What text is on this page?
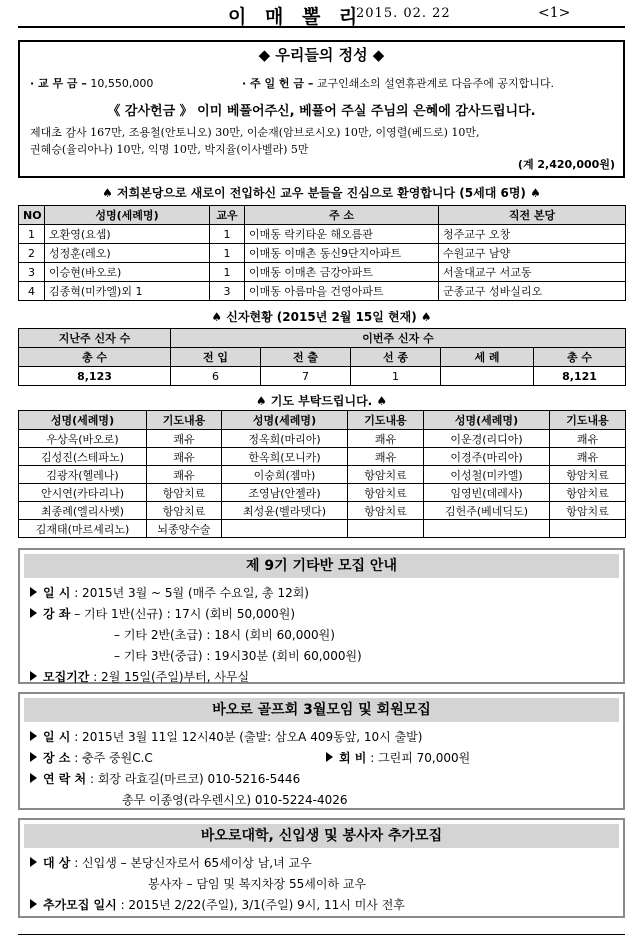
이 매 뽈 리
2015. 02. 22	<1>
◆ 우리들의 정성 ◆
· 교 무 금 – 10,550,000	· 주 일 헌 금 – 교구인쇄소의 설연휴관계로 다음주에 공지합니다.
《 감사헌금 》 이미 베풀어주신, 베풀어 주실 주님의 은혜에 감사드립니다.
제대초 감사 167만, 조용철(안토니오) 30만, 이순재(암브로시오) 10만, 이영렬(베드로) 10만,
권혜승(율리아나) 10만, 익명 10만, 박지율(이사벨라) 5만
(계 2,420,000원)
♠ 저희본당으로 새로이 전입하신 교우 분들을 진심으로 환영합니다 (5세대 6명) ♠
NO	성명(세례명)	교우	주 소	직전 본당
1	오환영(요셉)	1	이매동 락키타운 해오름관	청주교구 오창
2	성정훈(레오)	1	이매동 이매촌 동신9단지아파트	수원교구 남양
3	이승현(바오로)	1	이매동 이매촌 금강아파트	서울대교구 서교동
4	김종혁(미카엘)외 1	3	이매동 아름마을 건영아파트	군종교구 성바실리오
♠ 신자현황 (2015년 2월 15일 현재) ♠
지난주 신자 수	이번주 신자 수				
총 수	전 입	전 출	선 종	세 례	총 수
8,123	6	7	1		8,121
♠ 기도 부탁드립니다. ♠
성명(세례명)	기도내용	성명(세례명)	기도내용	성명(세례명)	기도내용
우상옥(바오로)	쾌유	정옥희(마리아)	쾌유	이운경(리디아)	쾌유
김성진(스테파노)	쾌유	한옥희(모니카)	쾌유	이경주(마리아)	쾌유
김광자(헬레나)	쾌유	이숭희(젬마)	항암치료	이성철(미카엘)	항암치료
안시연(카타리나)	항암치료	조영남(안젤라)	항암치료	임영빈(데레사)	항암치료
최종례(엘리사벳)	항암치료	최성윤(벨라뎃다)	항암치료	김헌주(베네딕도)	항암치료
김재태(마르셰리노)	뇌종양수술				
제 9기 기타반 모집 안내
일 시 : 2015년 3월 ~ 5월 (매주 수요일, 총 12회)
강 좌 – 기타 1반(신규) : 17시 (회비 50,000원)
– 기타 2반(초급) : 18시 (회비 60,000원)
– 기타 3반(중급) : 19시30분 (회비 60,000원)
모집기간 : 2월 15일(주일)부터, 사무실
바오로 골프회 3월모임 및 회원모집
일 시 : 2015년 3월 11일 12시40분 (출발: 삼오A 409동앞, 10시 출발)
장 소 : 충주 중원C.C	회 비 : 그린피 70,000원
연 락 처 : 회장 라효길(마르코) 010-5216-5446
총무 이종영(라우렌시오) 010-5224-4026
바오로대학, 신입생 및 봉사자 추가모집
대 상 : 신입생 – 본당신자로서 65세이상 남,녀 교우
봉사자 – 담임 및 복지차장 55세이하 교우
추가모집 일시 : 2015년 2/22(주일), 3/1(주일) 9시, 11시 미사 전후
